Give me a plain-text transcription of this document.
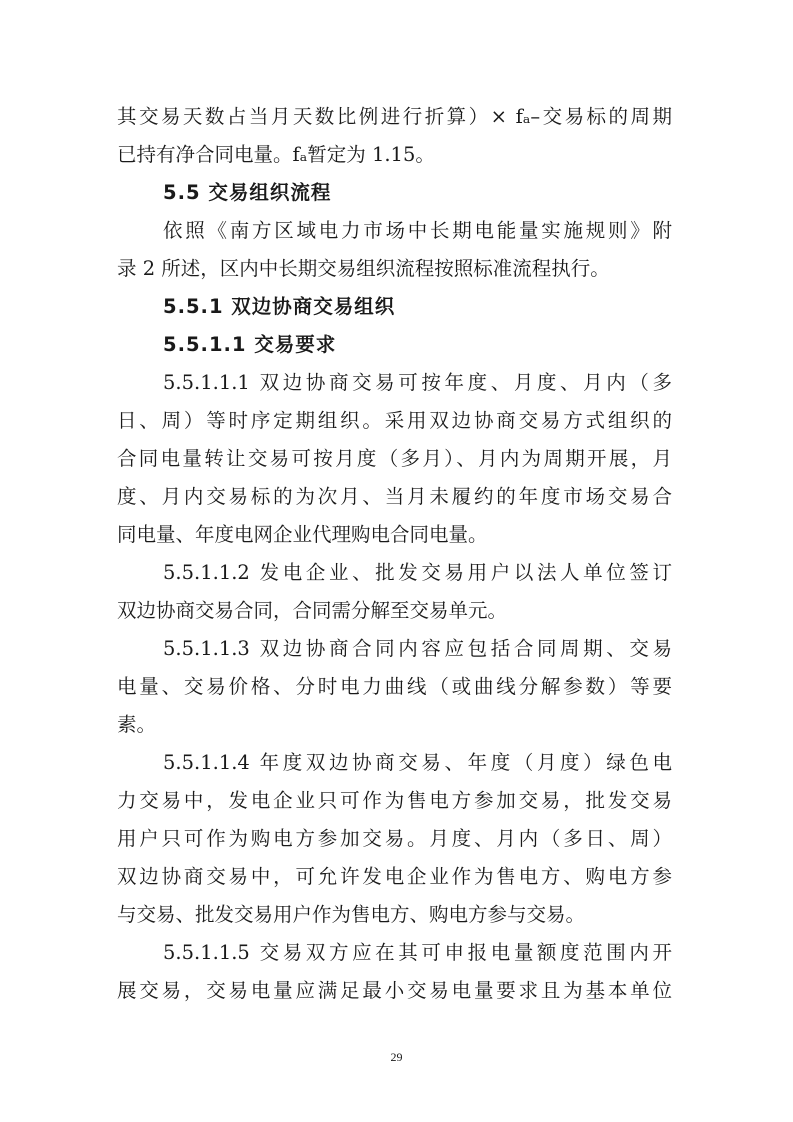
其交易天数占当月天数比例进行折算）× fₐ–交易标的周期
已持有净合同电量。fₐ暂定为 1.15。
5.5 交易组织流程
依照《南方区域电力市场中长期电能量实施规则》附
录 2 所述，区内中长期交易组织流程按照标准流程执行。
5.5.1 双边协商交易组织
5.5.1.1 交易要求
5.5.1.1.1 双边协商交易可按年度、月度、月内（多
日、周）等时序定期组织。采用双边协商交易方式组织的
合同电量转让交易可按月度（多月）、月内为周期开展，月
度、月内交易标的为次月、当月未履约的年度市场交易合
同电量、年度电网企业代理购电合同电量。
5.5.1.1.2 发电企业、批发交易用户以法人单位签订
双边协商交易合同，合同需分解至交易单元。
5.5.1.1.3 双边协商合同内容应包括合同周期、交易
电量、交易价格、分时电力曲线（或曲线分解参数）等要
素。
5.5.1.1.4 年度双边协商交易、年度（月度）绿色电
力交易中，发电企业只可作为售电方参加交易，批发交易
用户只可作为购电方参加交易。月度、月内（多日、周）
双边协商交易中，可允许发电企业作为售电方、购电方参
与交易、批发交易用户作为售电方、购电方参与交易。
5.5.1.1.5 交易双方应在其可申报电量额度范围内开
展交易，交易电量应满足最小交易电量要求且为基本单位
29
